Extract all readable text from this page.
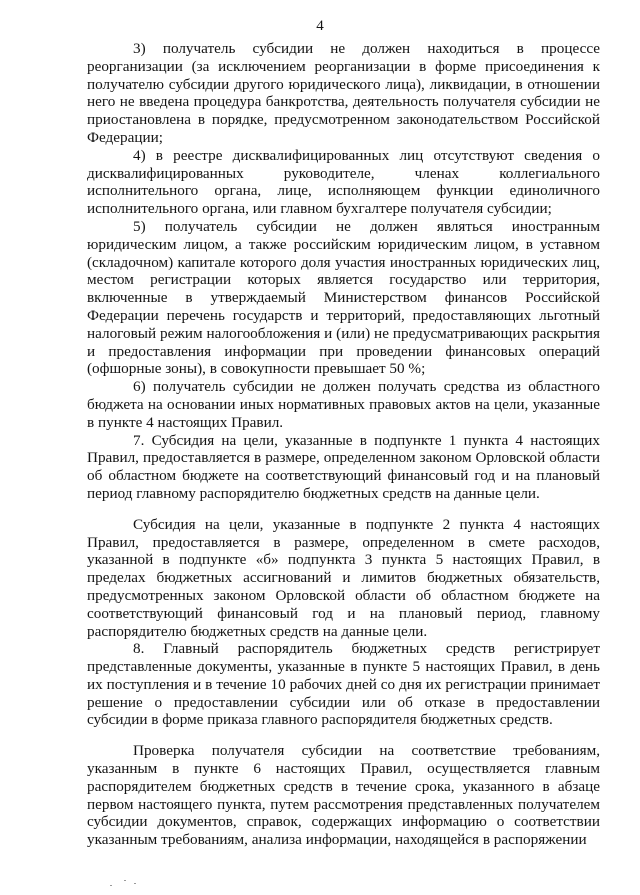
4

3) получатель субсидии не должен находиться в процессе реорганизации (за исключением реорганизации в форме присоединения к получателю субсидии другого юридического лица), ликвидации, в отношении него не введена процедура банкротства, деятельность получателя субсидии не приостановлена в порядке, предусмотренном законодательством Российской Федерации;

4) в реестре дисквалифицированных лиц отсутствуют сведения о дисквалифицированных руководителе, членах коллегиального исполнительного органа, лице, исполняющем функции единоличного исполнительного органа, или главном бухгалтере получателя субсидии;

5) получатель субсидии не должен являться иностранным юридическим лицом, а также российским юридическим лицом, в уставном (складочном) капитале которого доля участия иностранных юридических лиц, местом регистрации которых является государство или территория, включенные в утверждаемый Министерством финансов Российской Федерации перечень государств и территорий, предоставляющих льготный налоговый режим налогообложения и (или) не предусматривающих раскрытия и предоставления информации при проведении финансовых операций (офшорные зоны), в совокупности превышает 50 %;

6) получатель субсидии не должен получать средства из областного бюджета на основании иных нормативных правовых актов на цели, указанные в пункте 4 настоящих Правил.

7. Субсидия на цели, указанные в подпункте 1 пункта 4 настоящих Правил, предоставляется в размере, определенном законом Орловской области об областном бюджете на соответствующий финансовый год и на плановый период главному распорядителю бюджетных средств на данные цели.

Субсидия на цели, указанные в подпункте 2 пункта 4 настоящих Правил, предоставляется в размере, определенном в смете расходов, указанной в подпункте «б» подпункта 3 пункта 5 настоящих Правил, в пределах бюджетных ассигнований и лимитов бюджетных обязательств, предусмотренных законом Орловской области об областном бюджете на соответствующий финансовый год и на плановый период, главному распорядителю бюджетных средств на данные цели.

8. Главный распорядитель бюджетных средств регистрирует представленные документы, указанные в пункте 5 настоящих Правил, в день их поступления и в течение 10 рабочих дней со дня их регистрации принимает решение о предоставлении субсидии или об отказе в предоставлении субсидии в форме приказа главного распорядителя бюджетных средств.

Проверка получателя субсидии на соответствие требованиям, указанным в пункте 6 настоящих Правил, осуществляется главным распорядителем бюджетных средств в течение срока, указанного в абзаце первом настоящего пункта, путем рассмотрения представленных получателем субсидии документов, справок, содержащих информацию о соответствии указанным требованиям, анализа информации, находящейся в распоряжении
